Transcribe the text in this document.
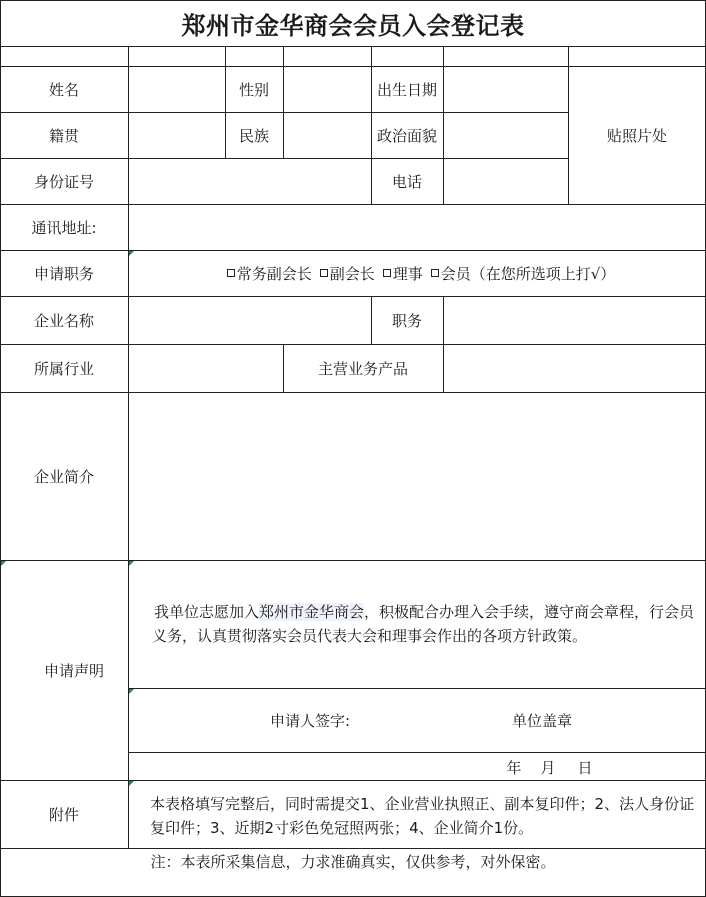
郑州市金华商会会员入会登记表
姓名	性别	出生日期
贴照片处
籍贯	民族	政治面貌
身份证号	电话
通讯地址:
申请职务	常务副会长 副会长 理事 会员（在您所选项上打√）
企业名称	职务
所属行业	主营业务产品
企业简介
申请声明
我单位志愿加入郑州市金华商会，积极配合办理入会手续，遵守商会章程，行会员义务，认真贯彻落实会员代表大会和理事会作出的各项方针政策。
申请人签字:	单位盖章
年 月 日
附件
本表格填写完整后，同时需提交1、企业营业执照正、副本复印件；2、法人身份证复印件；3、近期2寸彩色免冠照两张；4、企业简介1份。
注：本表所采集信息，力求准确真实，仅供参考，对外保密。
